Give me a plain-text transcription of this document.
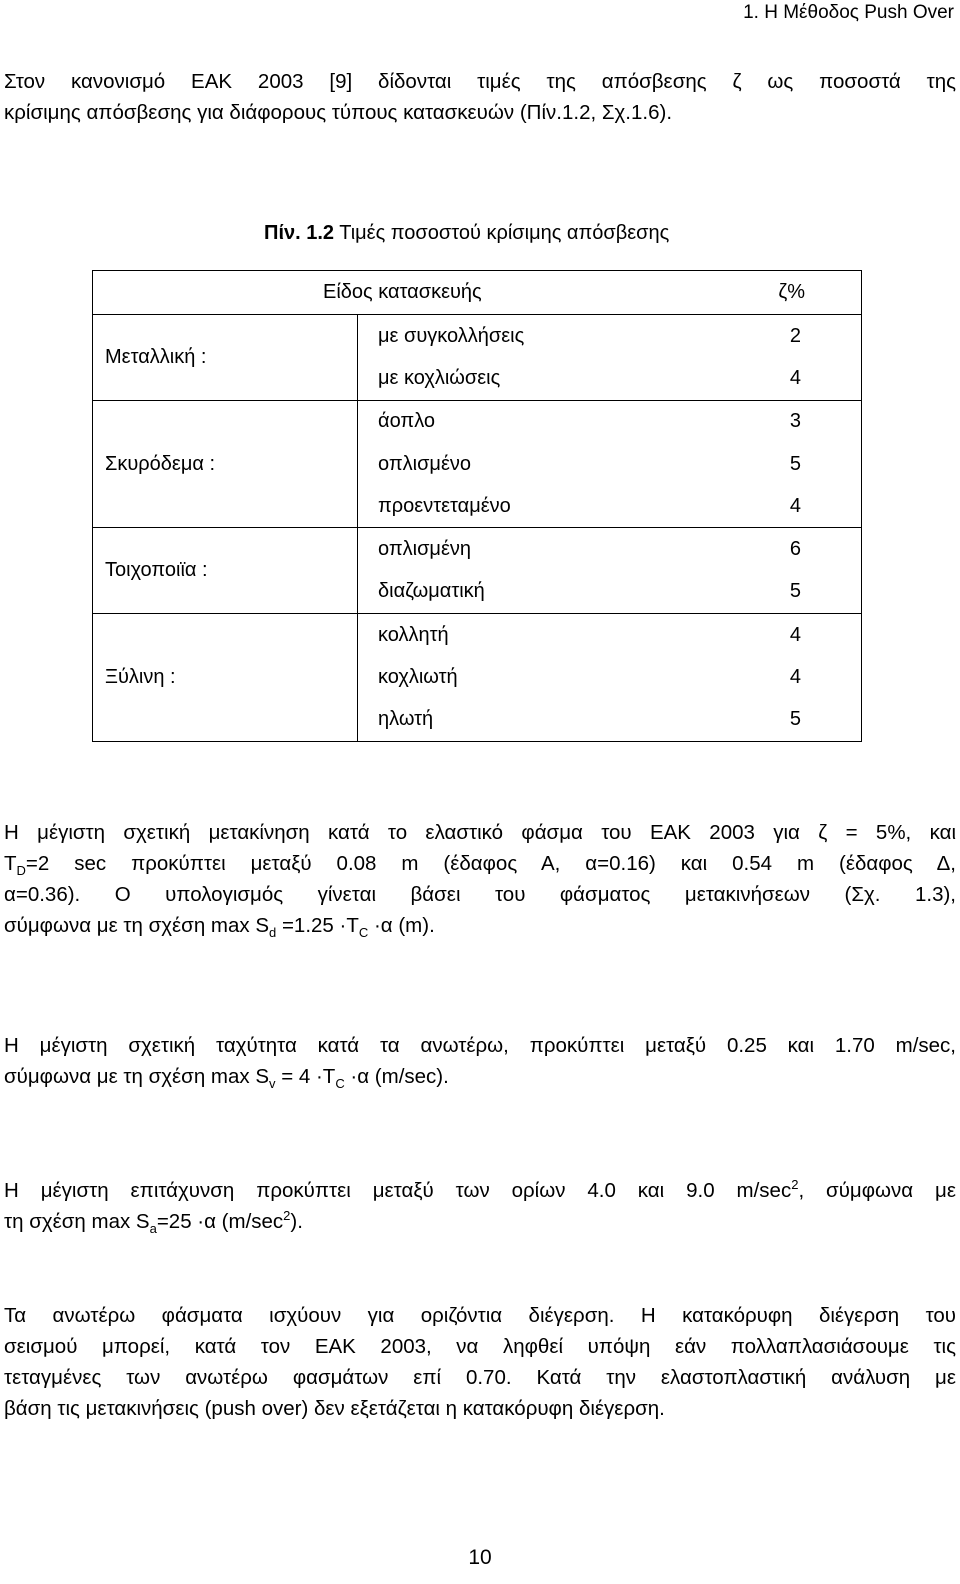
1. Η Μέθοδος Push Over

Στον κανονισμό ΕΑΚ 2003 [9] δίδονται τιμές της απόσβεσης ζ ως ποσοστά της
κρίσιμης απόσβεσης για διάφορους τύπους κατασκευών (Πίν.1.2, Σχ.1.6).

Πίν. 1.2 Τιμές ποσοστού κρίσιμης απόσβεσης
Είδος κατασκευής		ζ%
Μεταλλική :	με συγκολλήσεις	2
	με κοχλιώσεις	4
Σκυρόδεμα :	άοπλο	3
	οπλισμένο	5
	προεντεταμένο	4
Τοιχοποιϊα :	οπλισμένη	6
	διαζωματική	5
Ξύλινη :	κολλητή	4
	κοχλιωτή	4
	ηλωτή	5

Η μέγιστη σχετική μετακίνηση κατά το ελαστικό φάσμα του ΕΑΚ 2003 για ζ = 5%, και
$T_D=2$ sec προκύπτει μεταξύ 0.08 m (έδαφος Α, α=0.16) και 0.54 m (έδαφος Δ,
α=0.36). Ο υπολογισμός γίνεται βάσει του φάσματος μετακινήσεων (Σχ. 1.3),
σύμφωνα με τη σχέση $\max S_d =1.25 \cdot T_C \cdot\alpha$ (m).

Η μέγιστη σχετική ταχύτητα κατά τα ανωτέρω, προκύπτει μεταξύ 0.25 και 1.70 m/sec,
σύμφωνα με τη σχέση $\max S_v = 4 \cdot T_C \cdot\alpha$ (m/sec).

Η μέγιστη επιτάχυνση προκύπτει μεταξύ των ορίων 4.0 και 9.0 $m/\sec^2$, σύμφωνα με
τη σχέση $\max S_a=25 \cdot\alpha$ $(m/\sec^2)$.

Τα ανωτέρω φάσματα ισχύουν για οριζόντια διέγερση. Η κατακόρυφη διέγερση του
σεισμού μπορεί, κατά τον ΕΑΚ 2003, να ληφθεί υπόψη εάν πολλαπλασιάσουμε τις
τεταγμένες των ανωτέρω φασμάτων επί 0.70. Κατά την ελαστοπλαστική ανάλυση με
βάση τις μετακινήσεις (push over) δεν εξετάζεται η κατακόρυφη διέγερση.

10
